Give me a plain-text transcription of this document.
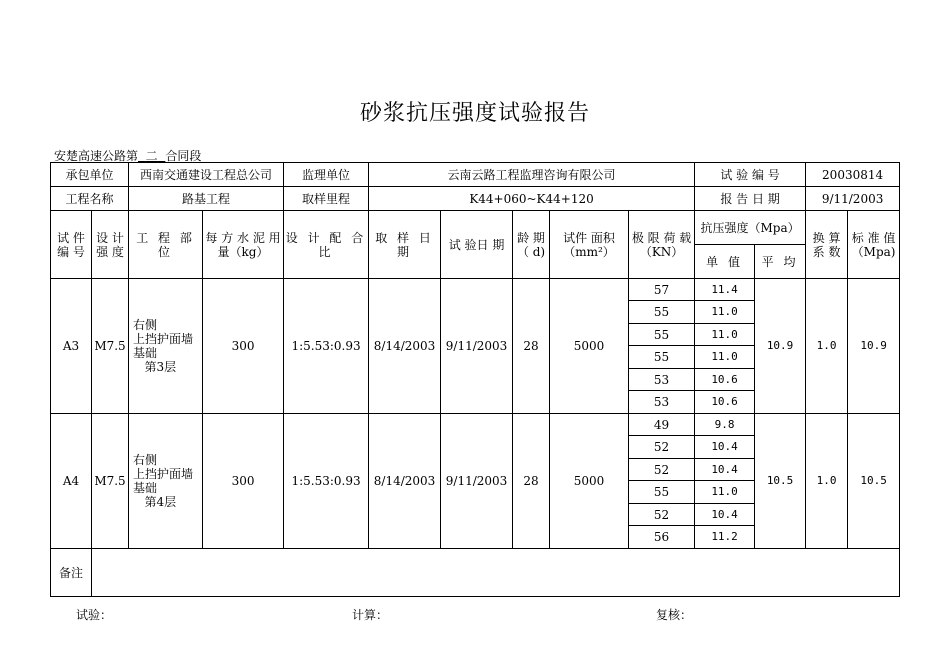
砂浆抗压强度试验报告
安楚高速公路第 二 合同段
承包单位		西南交通建设工程总公司		监理单位	云南云路工程监理咨询有限公司					试 验 编 号		20030814	
工程名称		路基工程		取样里程	K44+060~K44+120					报 告 日 期		9/11/2003	
试 件 编 号	设 计 强 度	工 程 部 位	每 方 水 泥 用 量（kg）	设 计 配 合 比	取 样 日 期	试 验日 期	龄 期（ d)	试件 面积（mm²）	极 限 荷 载（KN）	抗压强度（Mpa）		换 算 系 数	标 准 值（Mpa)
										单 值	平 均		
A3	M7.5	右侧
上挡护面墙
基础
第3层	300	1:5.53:0.93	8/14/2003	9/11/2003	28	5000	57	11.4	10.9	1.0	10.9
									55	11.0			
									55	11.0			
									55	11.0			
									53	10.6			
									53	10.6			
A4	M7.5	右侧
上挡护面墙
基础
第4层	300	1:5.53:0.93	8/14/2003	9/11/2003	28	5000	49	9.8	10.5	1.0	10.5
									52	10.4			
									52	10.4			
									55	11.0			
									52	10.4			
									56	11.2			
备注													
试验：	计算：	复核：
